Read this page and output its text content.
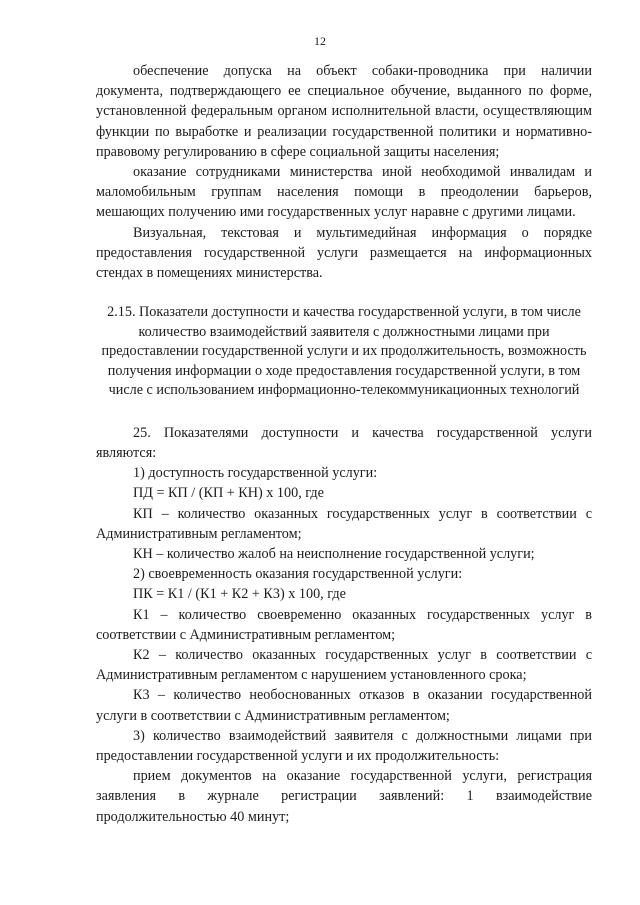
12

обеспечение допуска на объект собаки-проводника при наличии документа, подтверждающего ее специальное обучение, выданного по форме, установленной федеральным органом исполнительной власти, осуществляющим функции по выработке и реализации государственной политики и нормативно-правовому регулированию в сфере социальной защиты населения;

оказание сотрудниками министерства иной необходимой инвалидам и маломобильным группам населения помощи в преодолении барьеров, мешающих получению ими государственных услуг наравне с другими лицами.

Визуальная, текстовая и мультимедийная информация о порядке предоставления государственной услуги размещается на информационных стендах в помещениях министерства.

2.15. Показатели доступности и качества государственной услуги, в том числе количество взаимодействий заявителя с должностными лицами при предоставлении государственной услуги и их продолжительность, возможность получения информации о ходе предоставления государственной услуги, в том числе с использованием информационно-телекоммуникационных технологий

25. Показателями доступности и качества государственной услуги являются:

1) доступность государственной услуги:

ПД = КП / (КП + КН) х 100, где

КП – количество оказанных государственных услуг в соответствии с Административным регламентом;

КН – количество жалоб на неисполнение государственной услуги;

2) своевременность оказания государственной услуги:

ПК = К1 / (К1 + К2 + К3) х 100, где

К1 – количество своевременно оказанных государственных услуг в соответствии с Административным регламентом;

К2 – количество оказанных государственных услуг в соответствии с Административным регламентом с нарушением установленного срока;

К3 – количество необоснованных отказов в оказании государственной услуги в соответствии с Административным регламентом;

3) количество взаимодействий заявителя с должностными лицами при предоставлении государственной услуги и их продолжительность:

прием документов на оказание государственной услуги, регистрация заявления в журнале регистрации заявлений: 1 взаимодействие продолжительностью 40 минут;
